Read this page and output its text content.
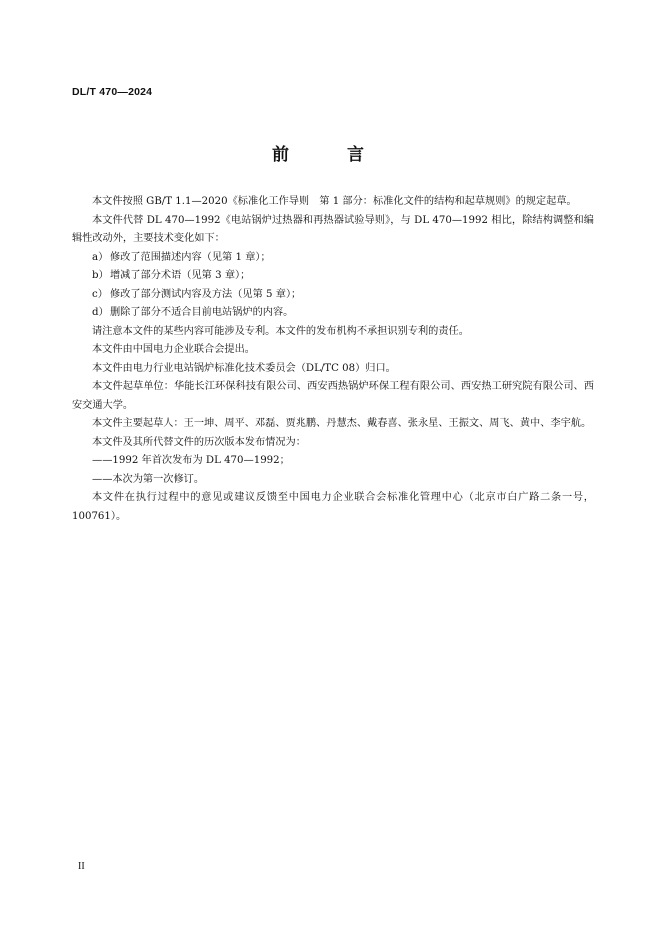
DL/T 470—2024
前 言

本文件按照 GB/T 1.1—2020《标准化工作导则　第 1 部分：标准化文件的结构和起草规则》的规定起草。

本文件代替 DL 470—1992《电站锅炉过热器和再热器试验导则》，与 DL 470—1992 相比，除结构调整和编辑性改动外，主要技术变化如下：

a） 修改了范围描述内容（见第 1 章）；
b）增减了部分术语（见第 3 章）；
c） 修改了部分测试内容及方法（见第 5 章）；
d）删除了部分不适合目前电站锅炉的内容。

请注意本文件的某些内容可能涉及专利。本文件的发布机构不承担识别专利的责任。

本文件由中国电力企业联合会提出。

本文件由电力行业电站锅炉标准化技术委员会（DL/TC 08）归口。

本文件起草单位：华能长江环保科技有限公司、西安西热锅炉环保工程有限公司、西安热工研究院有限公司、西安交通大学。

本文件主要起草人：王一坤、周平、邓磊、贾兆鹏、丹慧杰、戴春喜、张永星、王振文、周飞、黄中、李宇航。

本文件及其所代替文件的历次版本发布情况为：

——1992 年首次发布为 DL 470—1992；

——本次为第一次修订。

本文件在执行过程中的意见或建议反馈至中国电力企业联合会标准化管理中心（北京市白广路二条一号，100761）。

II
